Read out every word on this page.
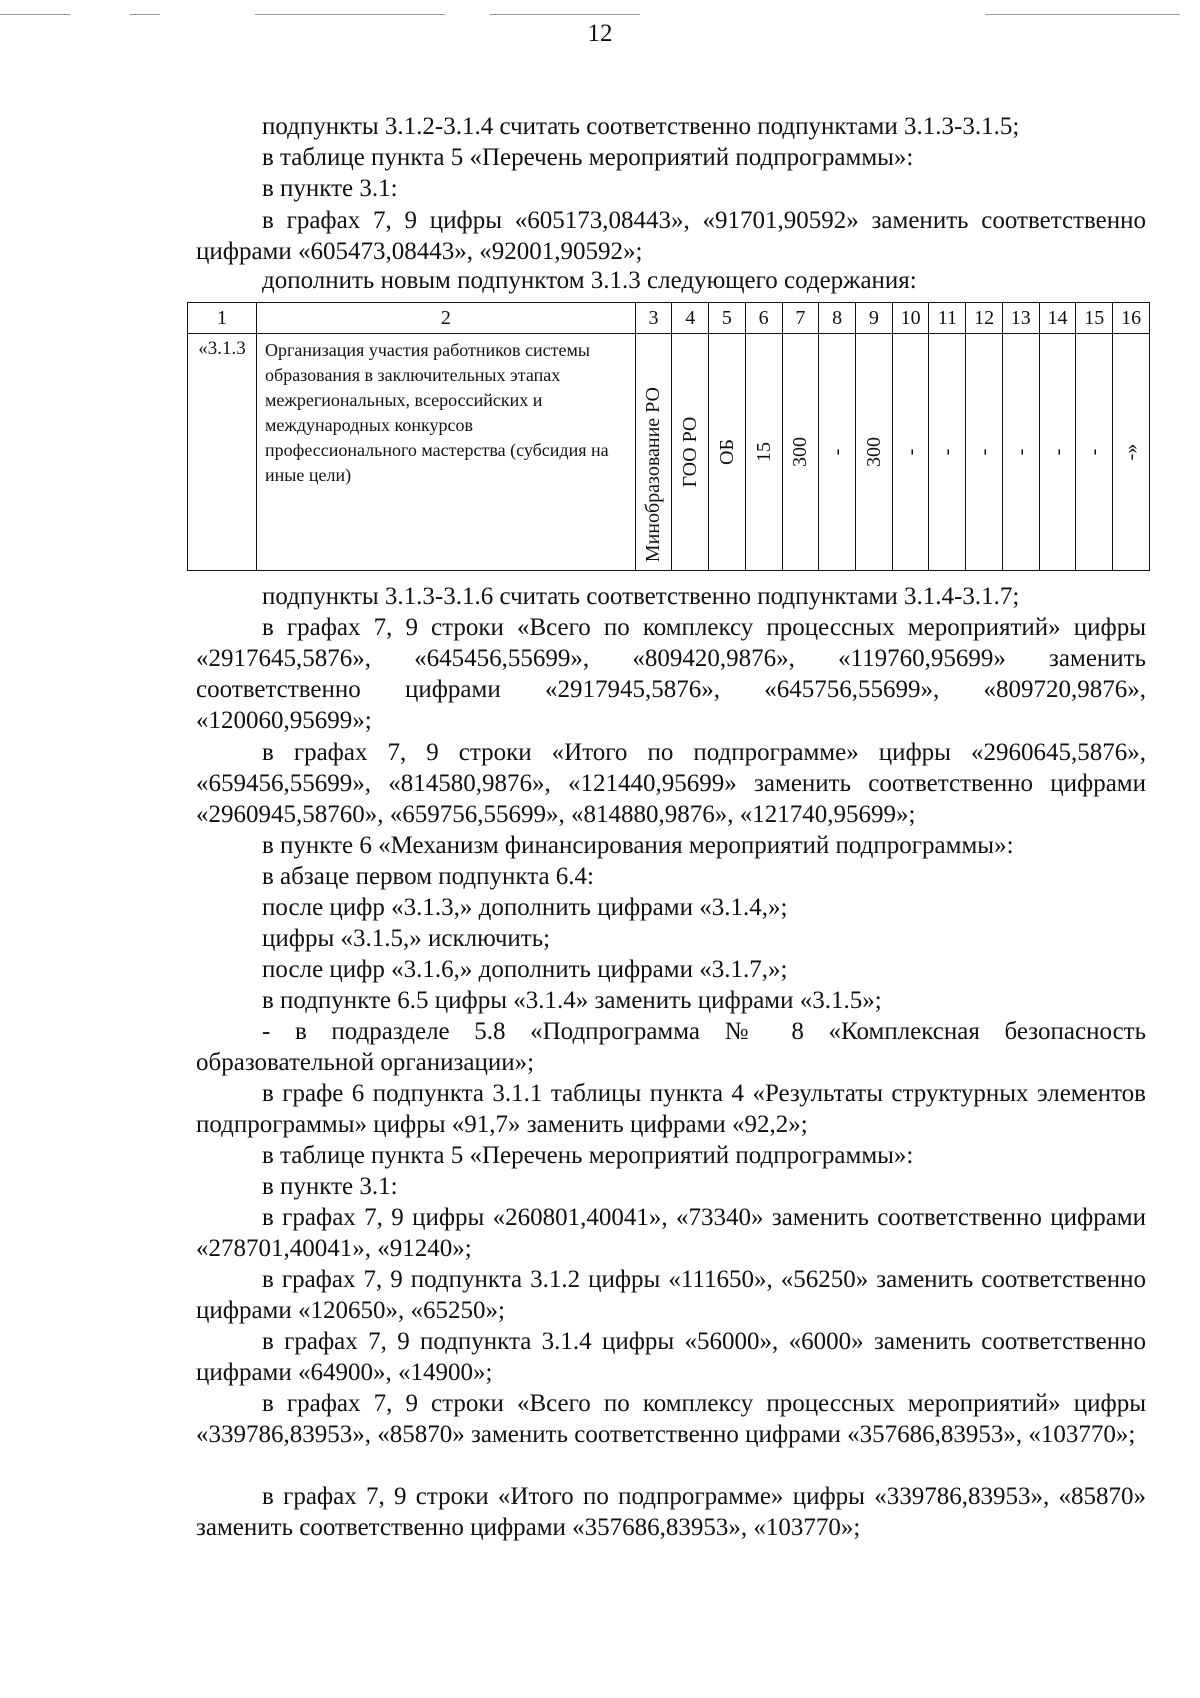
12
подпункты 3.1.2-3.1.4 считать соответственно подпунктами 3.1.3-3.1.5;
в таблице пункта 5 «Перечень мероприятий подпрограммы»:
в пункте 3.1:
в графах 7, 9 цифры «605173,08443», «91701,90592» заменить соответственно цифрами «605473,08443», «92001,90592»;
дополнить новым подпунктом 3.1.3 следующего содержания:
1	2	3	4	5	6	7	8	9	10	11	12	13	14	15	16
«3.1.3	Организация участия работников системы образования в заключительных этапах межрегиональных, всероссийских и международных конкурсов профессионального мастерства (субсидия на иные цели)	Минобразование РО	ГОО РО	ОБ	15	300	-	300	-	-	-	-	-	-	-»
подпункты 3.1.3-3.1.6 считать соответственно подпунктами 3.1.4-3.1.7;
в графах 7, 9 строки «Всего по комплексу процессных мероприятий» цифры «2917645,5876», «645456,55699», «809420,9876», «119760,95699» заменить соответственно цифрами «2917945,5876», «645756,55699», «809720,9876», «120060,95699»;
в графах 7, 9 строки «Итого по подпрограмме» цифры «2960645,5876», «659456,55699», «814580,9876», «121440,95699» заменить соответственно цифрами «2960945,58760», «659756,55699», «814880,9876», «121740,95699»;
в пункте 6 «Механизм финансирования мероприятий подпрограммы»:
в абзаце первом подпункта 6.4:
после цифр «3.1.3,» дополнить цифрами «3.1.4,»;
цифры «3.1.5,» исключить;
после цифр «3.1.6,» дополнить цифрами «3.1.7,»;
в подпункте 6.5 цифры «3.1.4» заменить цифрами «3.1.5»;
- в подразделе 5.8 «Подпрограмма № 8 «Комплексная безопасность образовательной организации»;
в графе 6 подпункта 3.1.1 таблицы пункта 4 «Результаты структурных элементов подпрограммы» цифры «91,7» заменить цифрами «92,2»;
в таблице пункта 5 «Перечень мероприятий подпрограммы»:
в пункте 3.1:
в графах 7, 9 цифры «260801,40041», «73340» заменить соответственно цифрами «278701,40041», «91240»;
в графах 7, 9 подпункта 3.1.2 цифры «111650», «56250» заменить соответственно цифрами «120650», «65250»;
в графах 7, 9 подпункта 3.1.4 цифры «56000», «6000» заменить соответственно цифрами «64900», «14900»;
в графах 7, 9 строки «Всего по комплексу процессных мероприятий» цифры «339786,83953», «85870» заменить соответственно цифрами «357686,83953», «103770»;
в графах 7, 9 строки «Итого по подпрограмме» цифры «339786,83953», «85870» заменить соответственно цифрами «357686,83953», «103770»;
